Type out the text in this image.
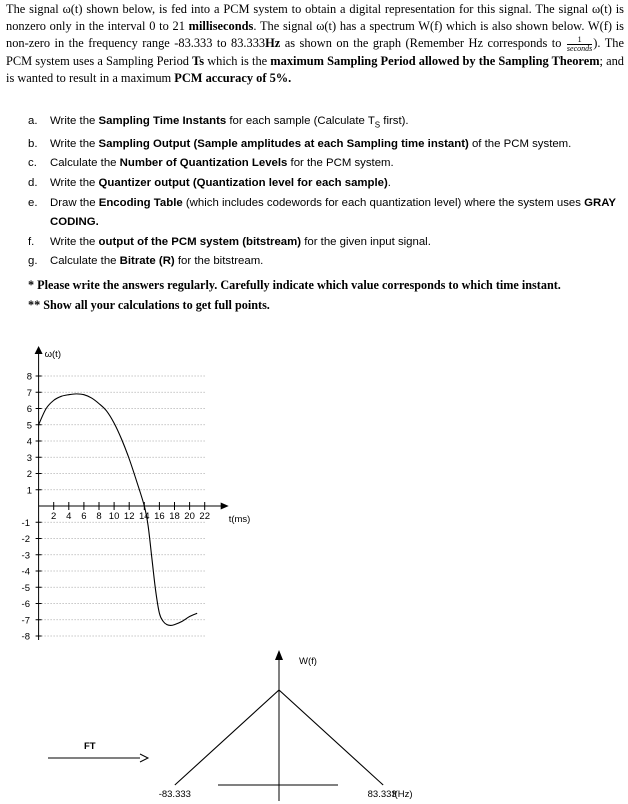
The signal ω(t) shown below, is fed into a PCM system to obtain a digital representation for this signal. The signal ω(t) is nonzero only in the interval 0 to 21 milliseconds. The signal ω(t) has a spectrum W(f) which is also shown below. W(f) is non-zero in the frequency range -83.333 to 83.333Hz as shown on the graph (Remember Hz corresponds to $\frac{1}{\text{seconds}}$ ). The PCM system uses a Sampling Period Ts which is the maximum Sampling Period allowed by the Sampling Theorem; and is wanted to result in a maximum PCM accuracy of 5%.
a. Write the Sampling Time Instants for each sample (Calculate $T_S$ first).
b. Write the Sampling Output (Sample amplitudes at each Sampling time instant) of the PCM system.
c. Calculate the Number of Quantization Levels for the PCM system.
d. Write the Quantizer output (Quantization level for each sample).
e. Draw the Encoding Table (which includes codewords for each quantization level) where the system uses GRAY CODING.
f. Write the output of the PCM system (bitstream) for the given input signal.
g. Calculate the Bitrate (R) for the bitstream.

* Please write the answers regularly. Carefully indicate which value corresponds to which time instant.

** Show all your calculations to get full points.

8
7
6
5
4
3
2
1
-1
-2
-3
-4
-5
-6
-7
-8
2 4 6 8 10 12 14 16 18 20 22
ω(t)
t(ms)
W(f)
-83.333	83.333
f(Hz)
FT
